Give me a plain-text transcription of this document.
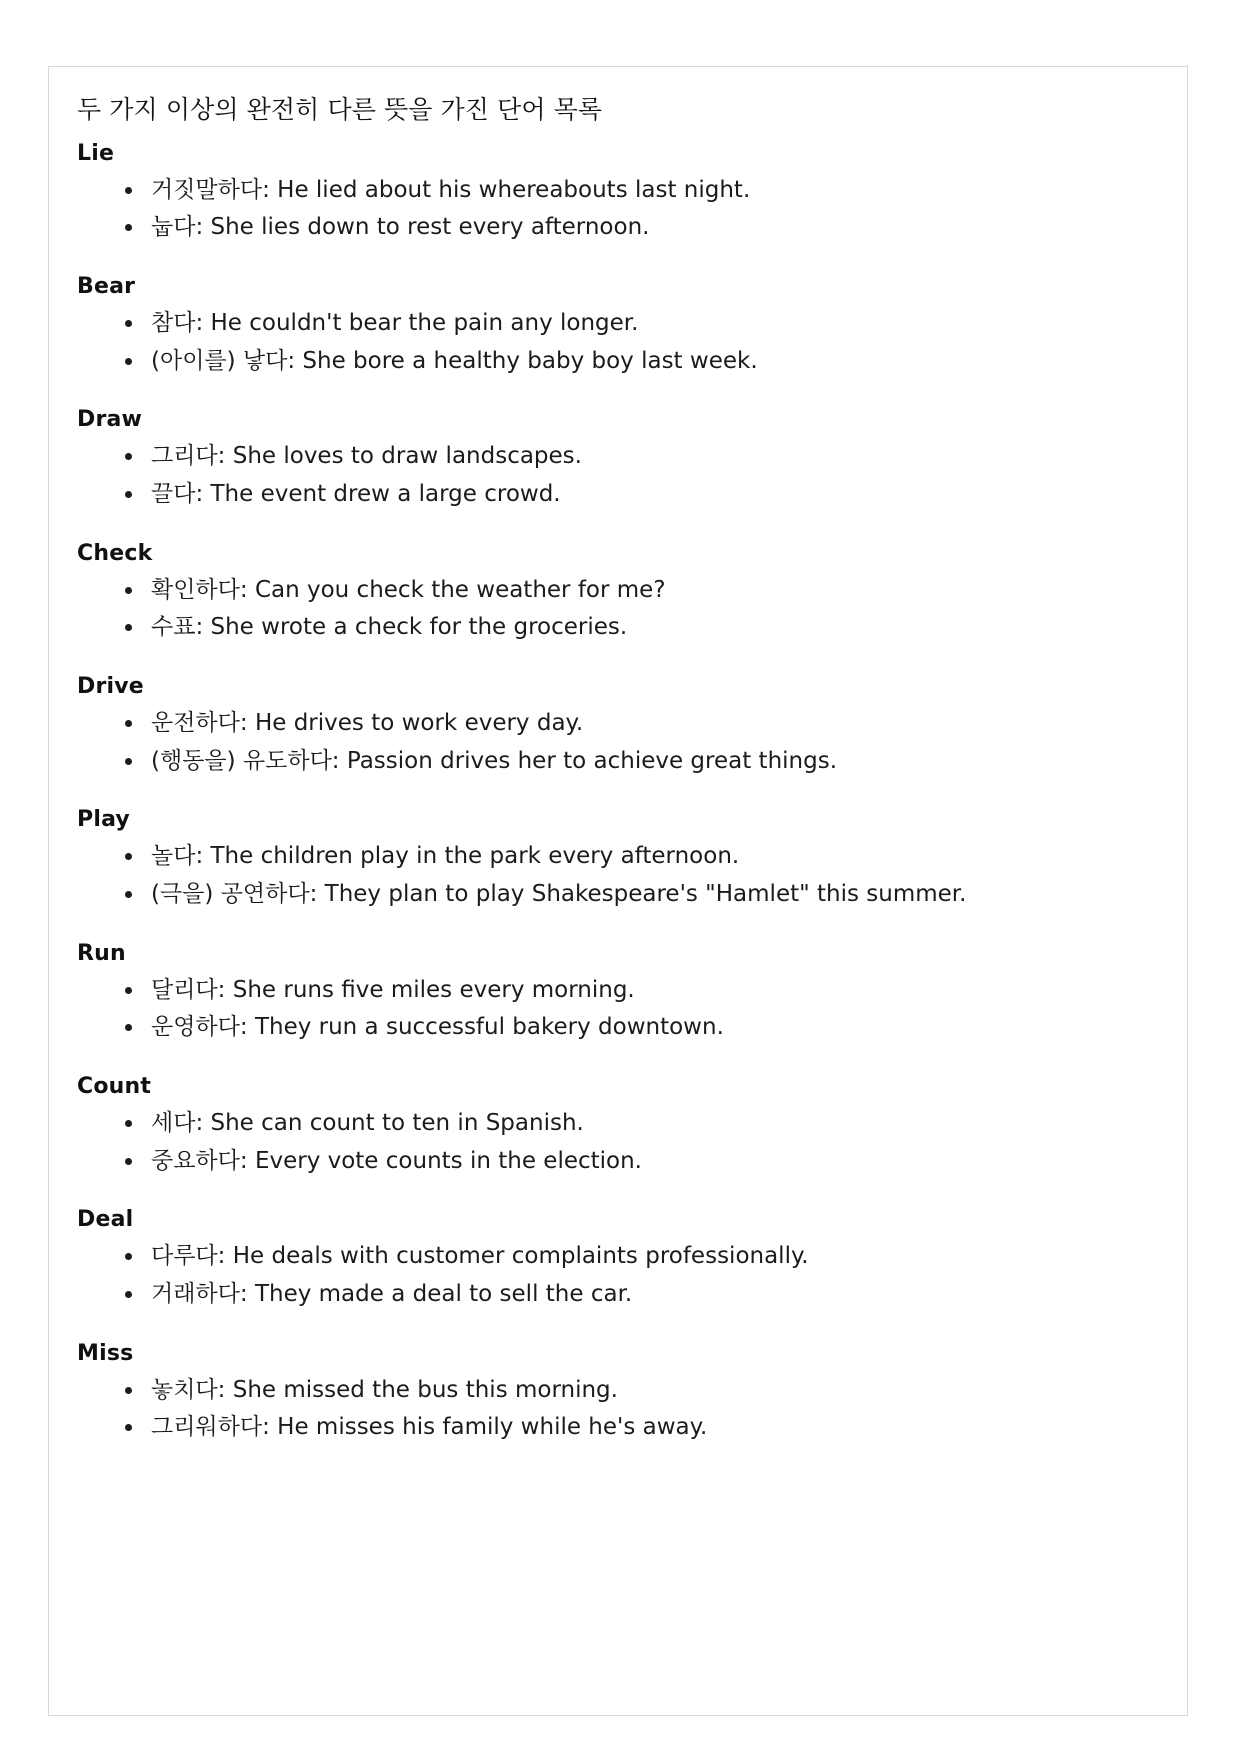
두 가지 이상의 완전히 다른 뜻을 가진 단어 목록
Lie
거짓말하다: He lied about his whereabouts last night.
눕다: She lies down to rest every afternoon.
Bear
참다: He couldn't bear the pain any longer.
(아이를) 낳다: She bore a healthy baby boy last week.
Draw
그리다: She loves to draw landscapes.
끌다: The event drew a large crowd.
Check
확인하다: Can you check the weather for me?
수표: She wrote a check for the groceries.
Drive
운전하다: He drives to work every day.
(행동을) 유도하다: Passion drives her to achieve great things.
Play
놀다: The children play in the park every afternoon.
(극을) 공연하다: They plan to play Shakespeare's "Hamlet" this summer.
Run
달리다: She runs five miles every morning.
운영하다: They run a successful bakery downtown.
Count
세다: She can count to ten in Spanish.
중요하다: Every vote counts in the election.
Deal
다루다: He deals with customer complaints professionally.
거래하다: They made a deal to sell the car.
Miss
놓치다: She missed the bus this morning.
그리워하다: He misses his family while he's away.
